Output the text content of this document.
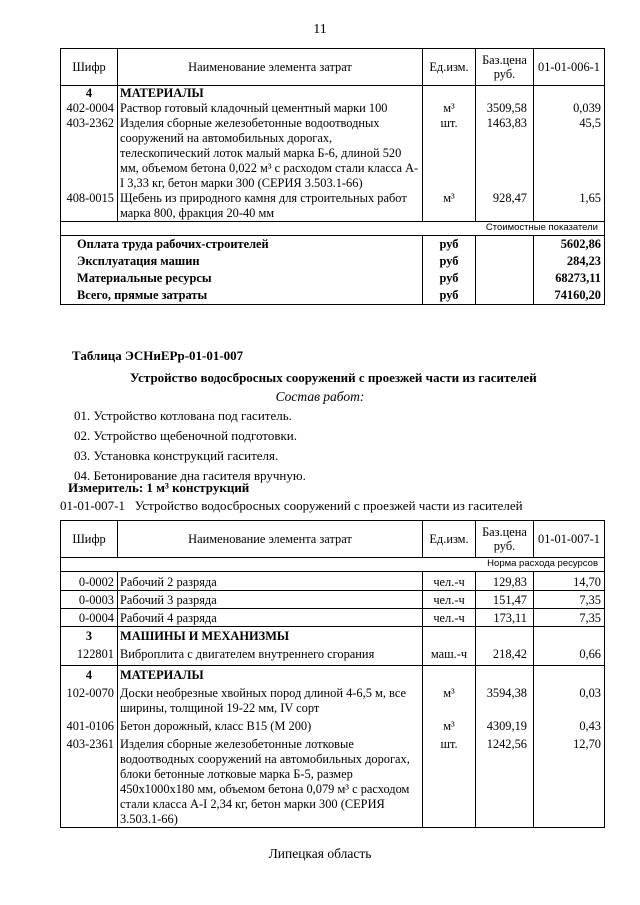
11
Шифр	Наименование элемента затрат	Ед.изм.	Баз.цена руб.	01-01-006-1
4	МАТЕРИАЛЫ			
402-0004	Раствор готовый кладочный цементный марки 100	м³	3509,58	0,039
403-2362	Изделия сборные железобетонные водоотводных сооружений на автомобильных дорогах, телескопический лоток малый марка Б-6, длиной 520 мм, объемом бетона 0,022 м³ с расходом стали класса А-I 3,33 кг, бетон марки 300 (СЕРИЯ 3.503.1-66)	шт.	1463,83	45,5
408-0015	Щебень из природного камня для строительных работ марка 800, фракция 20-40 мм	м³	928,47	1,65
Стоимостные показатели				
Оплата труда рабочих-строителей		руб		5602,86
Эксплуатация машин		руб		284,23
Материальные ресурсы		руб		68273,11
Всего, прямые затраты		руб		74160,20
Таблица ЭСНиЕРр-01-01-007
Устройство водосбросных сооружений с проезжей части из гасителей
Состав работ:
01. Устройство котлована под гаситель.
02. Устройство щебеночной подготовки.
03. Установка конструкций гасителя.
04. Бетонирование дна гасителя вручную.
Измеритель: 1 м³ конструкций
01-01-007-1 Устройство водосбросных сооружений с проезжей части из гасителей
Шифр	Наименование элемента затрат	Ед.изм.	Баз.цена руб.	01-01-007-1
Норма расхода ресурсов				
0-0002	Рабочий 2 разряда	чел.-ч	129,83	14,70
0-0003	Рабочий 3 разряда	чел.-ч	151,47	7,35
0-0004	Рабочий 4 разряда	чел.-ч	173,11	7,35
3	МАШИНЫ И МЕХАНИЗМЫ			
122801	Виброплита с двигателем внутреннего сгорания	маш.-ч	218,42	0,66
4	МАТЕРИАЛЫ			
102-0070	Доски необрезные хвойных пород длиной 4-6,5 м, все ширины, толщиной 19-22 мм, IV сорт	м³	3594,38	0,03
401-0106	Бетон дорожный, класс B15 (М 200)	м³	4309,19	0,43
403-2361	Изделия сборные железобетонные лотковые водоотводных сооружений на автомобильных дорогах, блоки бетонные лотковые марка Б-5, размер 450x1000x180 мм, объемом бетона 0,079 м³ с расходом стали класса А-I 2,34 кг, бетон марки 300 (СЕРИЯ 3.503.1-66)	шт.	1242,56	12,70
Липецкая область
